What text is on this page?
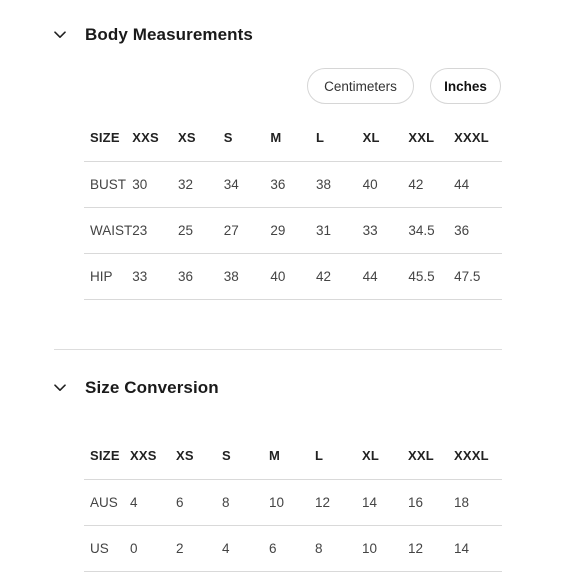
Body Measurements
Centimeters	Inches
SIZE	XXS	XS	S	M	L	XL	XXL	XXXL
BUST	30	32	34	36	38	40	42	44
WAIST	23	25	27	29	31	33	34.5	36
HIP	33	36	38	40	42	44	45.5	47.5
Size Conversion
SIZE	XXS	XS	S	M	L	XL	XXL	XXXL
AUS	4	6	8	10	12	14	16	18
US	0	2	4	6	8	10	12	14
